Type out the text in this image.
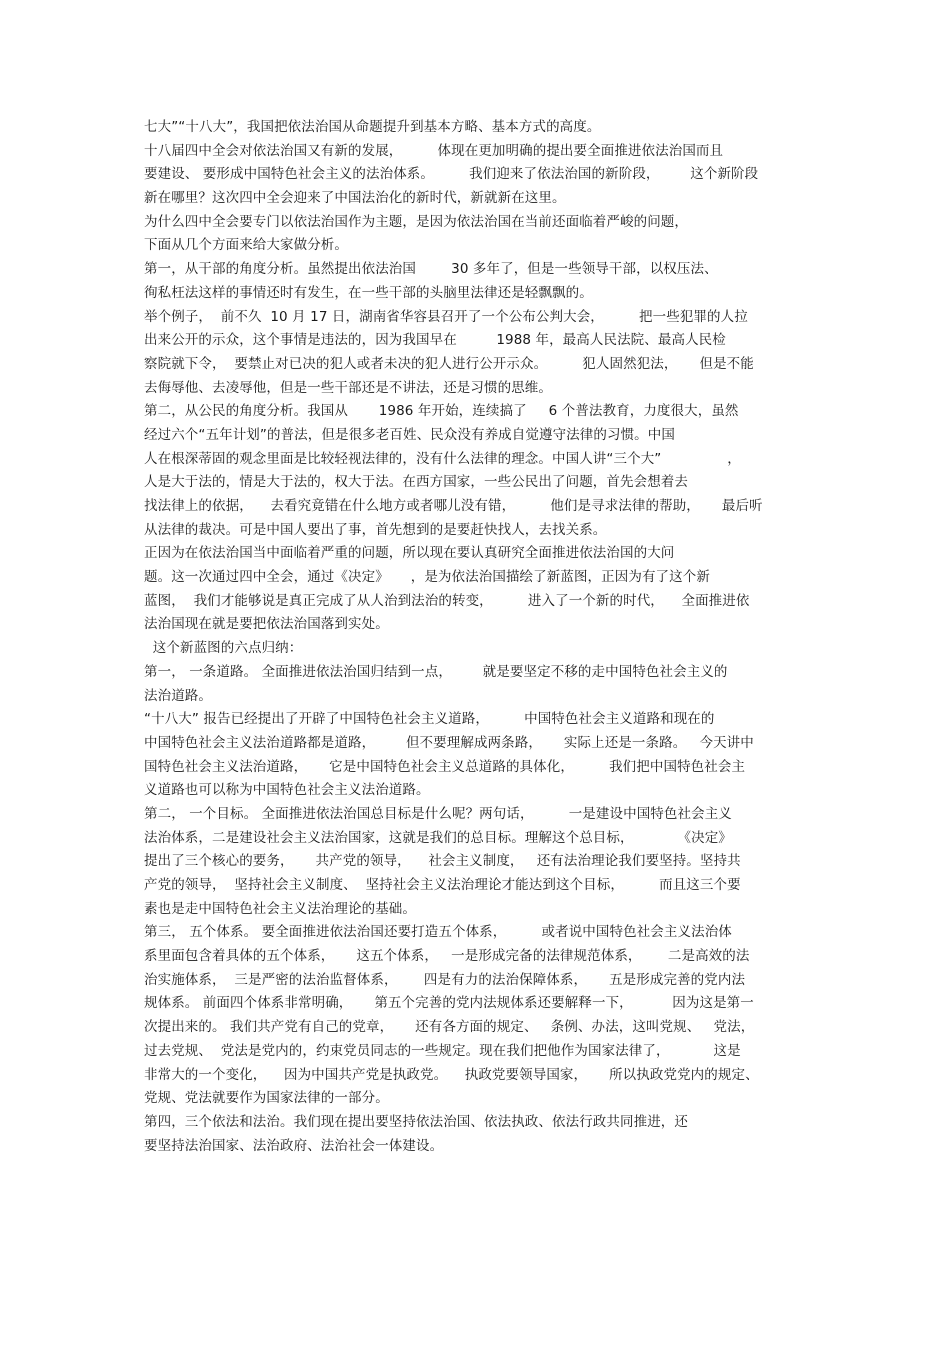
七大”“十八大”，我国把依法治国从命题提升到基本方略、基本方式的高度。
十八届四中全会对依法治国又有新的发展，        体现在更加明确的提出要全面推进依法治国而且
要建设、 要形成中国特色社会主义的法治体系。        我们迎来了依法治国的新阶段，       这个新阶段
新在哪里？这次四中全会迎来了中国法治化的新时代，新就新在这里。
为什么四中全会要专门以依法治国作为主题，是因为依法治国在当前还面临着严峻的问题，
下面从几个方面来给大家做分析。
第一，从干部的角度分析。虽然提出依法治国        30 多年了，但是一些领导干部，以权压法、
徇私枉法这样的事情还时有发生，在一些干部的头脑里法律还是轻飘飘的。
举个例子，  前不久  10 月 17 日，湖南省华容县召开了一个公布公判大会，        把一些犯罪的人拉
出来公开的示众，这个事情是违法的，因为我国早在         1988 年，最高人民法院、最高人民检
察院就下令，  要禁止对已决的犯人或者未决的犯人进行公开示众。        犯人固然犯法，     但是不能
去侮辱他、去凌辱他，但是一些干部还是不讲法，还是习惯的思维。
第二，从公民的角度分析。我国从       1986 年开始，连续搞了     6 个普法教育，力度很大，虽然
经过六个“五年计划”的普法，但是很多老百姓、民众没有养成自觉遵守法律的习惯。中国
人在根深蒂固的观念里面是比较轻视法律的，没有什么法律的理念。中国人讲“三个大”               ，
人是大于法的，情是大于法的，权大于法。在西方国家，一些公民出了问题，首先会想着去
找法律上的依据，    去看究竟错在什么地方或者哪儿没有错，        他们是寻求法律的帮助，     最后听
从法律的裁决。可是中国人要出了事，首先想到的是要赶快找人，去找关系。
正因为在依法治国当中面临着严重的问题，所以现在要认真研究全面推进依法治国的大问
题。这一次通过四中全会，通过《决定》     ，是为依法治国描绘了新蓝图，正因为有了这个新
蓝图，  我们才能够说是真正完成了从人治到法治的转变，        进入了一个新的时代，    全面推进依
法治国现在就是要把依法治国落到实处。
这个新蓝图的六点归纳：
第一， 一条道路。 全面推进依法治国归结到一点，       就是要坚定不移的走中国特色社会主义的
法治道路。
“十八大” 报告已经提出了开辟了中国特色社会主义道路，        中国特色社会主义道路和现在的
中国特色社会主义法治道路都是道路，       但不要理解成两条路，     实际上还是一条路。   今天讲中
国特色社会主义法治道路，     它是中国特色社会主义总道路的具体化，        我们把中国特色社会主
义道路也可以称为中国特色社会主义法治道路。
第二， 一个目标。 全面推进依法治国总目标是什么呢？两句话，        一是建设中国特色社会主义
法治体系，二是建设社会主义法治国家，这就是我们的总目标。理解这个总目标，          《决定》
提出了三个核心的要务，     共产党的领导，    社会主义制度，   还有法治理论我们要坚持。坚持共
产党的领导，  坚持社会主义制度、  坚持社会主义法治理论才能达到这个目标，        而且这三个要
素也是走中国特色社会主义法治理论的基础。
第三， 五个体系。 要全面推进依法治国还要打造五个体系，        或者说中国特色社会主义法治体
系里面包含着具体的五个体系，     这五个体系，   一是形成完备的法律规范体系，      二是高效的法
治实施体系，  三是严密的法治监督体系，      四是有力的法治保障体系，     五是形成完善的党内法
规体系。 前面四个体系非常明确，     第五个完善的党内法规体系还要解释一下，         因为这是第一
次提出来的。 我们共产党有自己的党章，     还有各方面的规定、   条例、办法，这叫党规、   党法，
过去党规、  党法是党内的，约束党员同志的一些规定。现在我们把他作为国家法律了，          这是
非常大的一个变化，    因为中国共产党是执政党。    执政党要领导国家，     所以执政党党内的规定、
党规、党法就要作为国家法律的一部分。
第四，三个依法和法治。我们现在提出要坚持依法治国、依法执政、依法行政共同推进，还
要坚持法治国家、法治政府、法治社会一体建设。
